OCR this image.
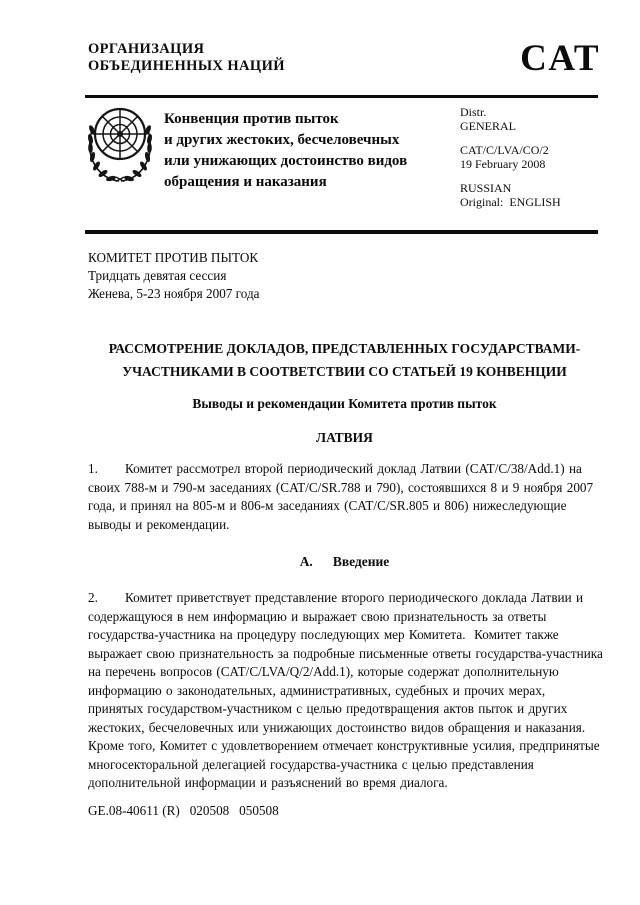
ОРГАНИЗАЦИЯ
ОБЪЕДИНЕННЫХ НАЦИЙ	CAT
Конвенция против пыток
и других жестоких, бесчеловечных
или унижающих достоинство видов
обращения и наказания
Distr.
GENERAL
CAT/C/LVA/CO/2
19 February 2008
RUSSIAN
Original:  ENGLISH
КОМИТЕТ ПРОТИВ ПЫТОК
Тридцать девятая сессия
Женева, 5-23 ноября 2007 года
РАССМОТРЕНИЕ ДОКЛАДОВ, ПРЕДСТАВЛЕННЫХ ГОСУДАРСТВАМИ-
УЧАСТНИКАМИ В СООТВЕТСТВИИ СО СТАТЬЕЙ 19 КОНВЕНЦИИ
Выводы и рекомендации Комитета против пыток
ЛАТВИЯ

1. Комитет рассмотрел второй периодический доклад Латвии (CAT/C/38/Add.1) на своих 788-м и 790-м заседаниях (CAT/C/SR.788 и 790), состоявшихся 8 и 9 ноября 2007 года, и принял на 805-м и 806-м заседаниях (CAT/C/SR.805 и 806) нижеследующие выводы и рекомендации.

A. Введение

2. Комитет приветствует представление второго периодического доклада Латвии и содержащуюся в нем информацию и выражает свою признательность за ответы государства-участника на процедуру последующих мер Комитета.  Комитет также выражает свою признательность за подробные письменные ответы государства-участника на перечень вопросов (CAT/C/LVA/Q/2/Add.1), которые содержат дополнительную информацию о законодательных, административных, судебных и прочих мерах, принятых государством-участником с целью предотвращения актов пыток и других жестоких, бесчеловечных или унижающих достоинство видов обращения и наказания.  Кроме того, Комитет с удовлетворением отмечает конструктивные усилия, предпринятые многосекторальной делегацией государства-участника с целью представления дополнительной информации и разъяснений во время диалога.

GE.08-40611 (R)   020508   050508
